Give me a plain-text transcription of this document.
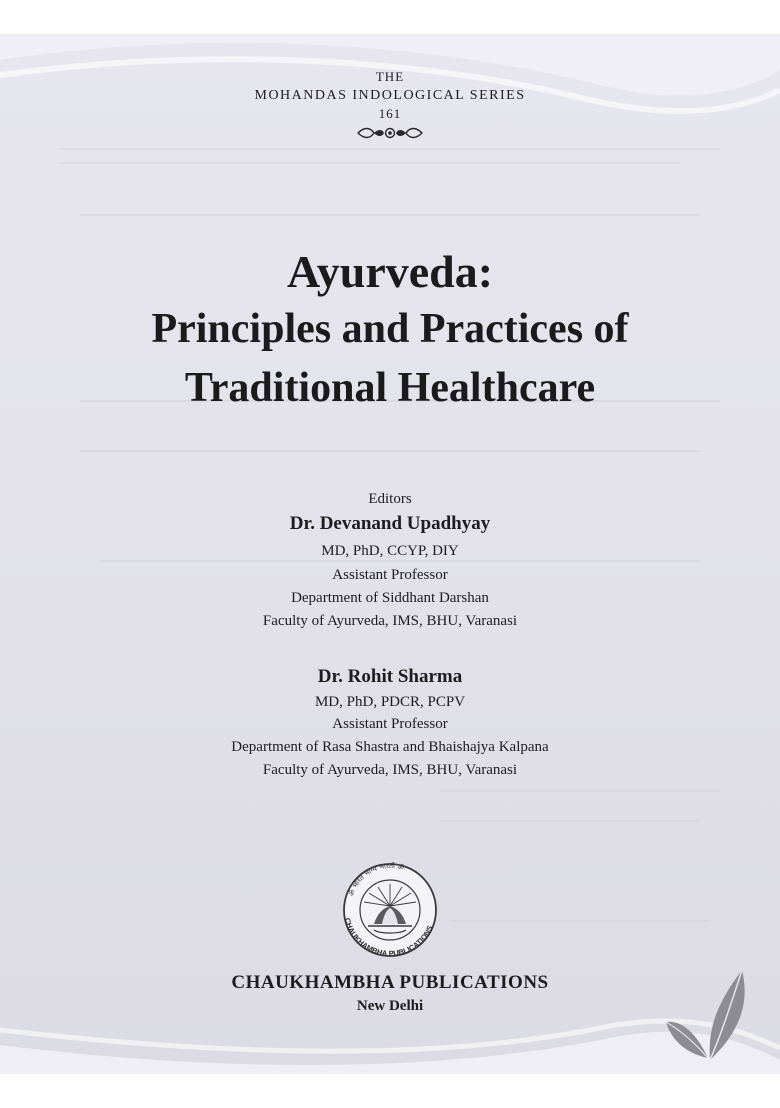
THE
MOHANDAS INDOLOGICAL SERIES
161
Ayurveda:
Principles and Practices of
Traditional Healthcare
Editors
Dr. Devanand Upadhyay
MD, PhD, CCYP, DIY
Assistant Professor
Department of Siddhant Darshan
Faculty of Ayurveda, IMS, BHU, Varanasi
Dr. Rohit Sharma
MD, PhD, PDCR, PCPV
Assistant Professor
Department of Rasa Shastra and Bhaishajya Kalpana
Faculty of Ayurveda, IMS, BHU, Varanasi
CHAUKHAMBHA PUBLICATIONS
ॐ भारतं भाग्य भारती ॐ
CHAUKHAMBHA PUBLICATIONS
New Delhi
